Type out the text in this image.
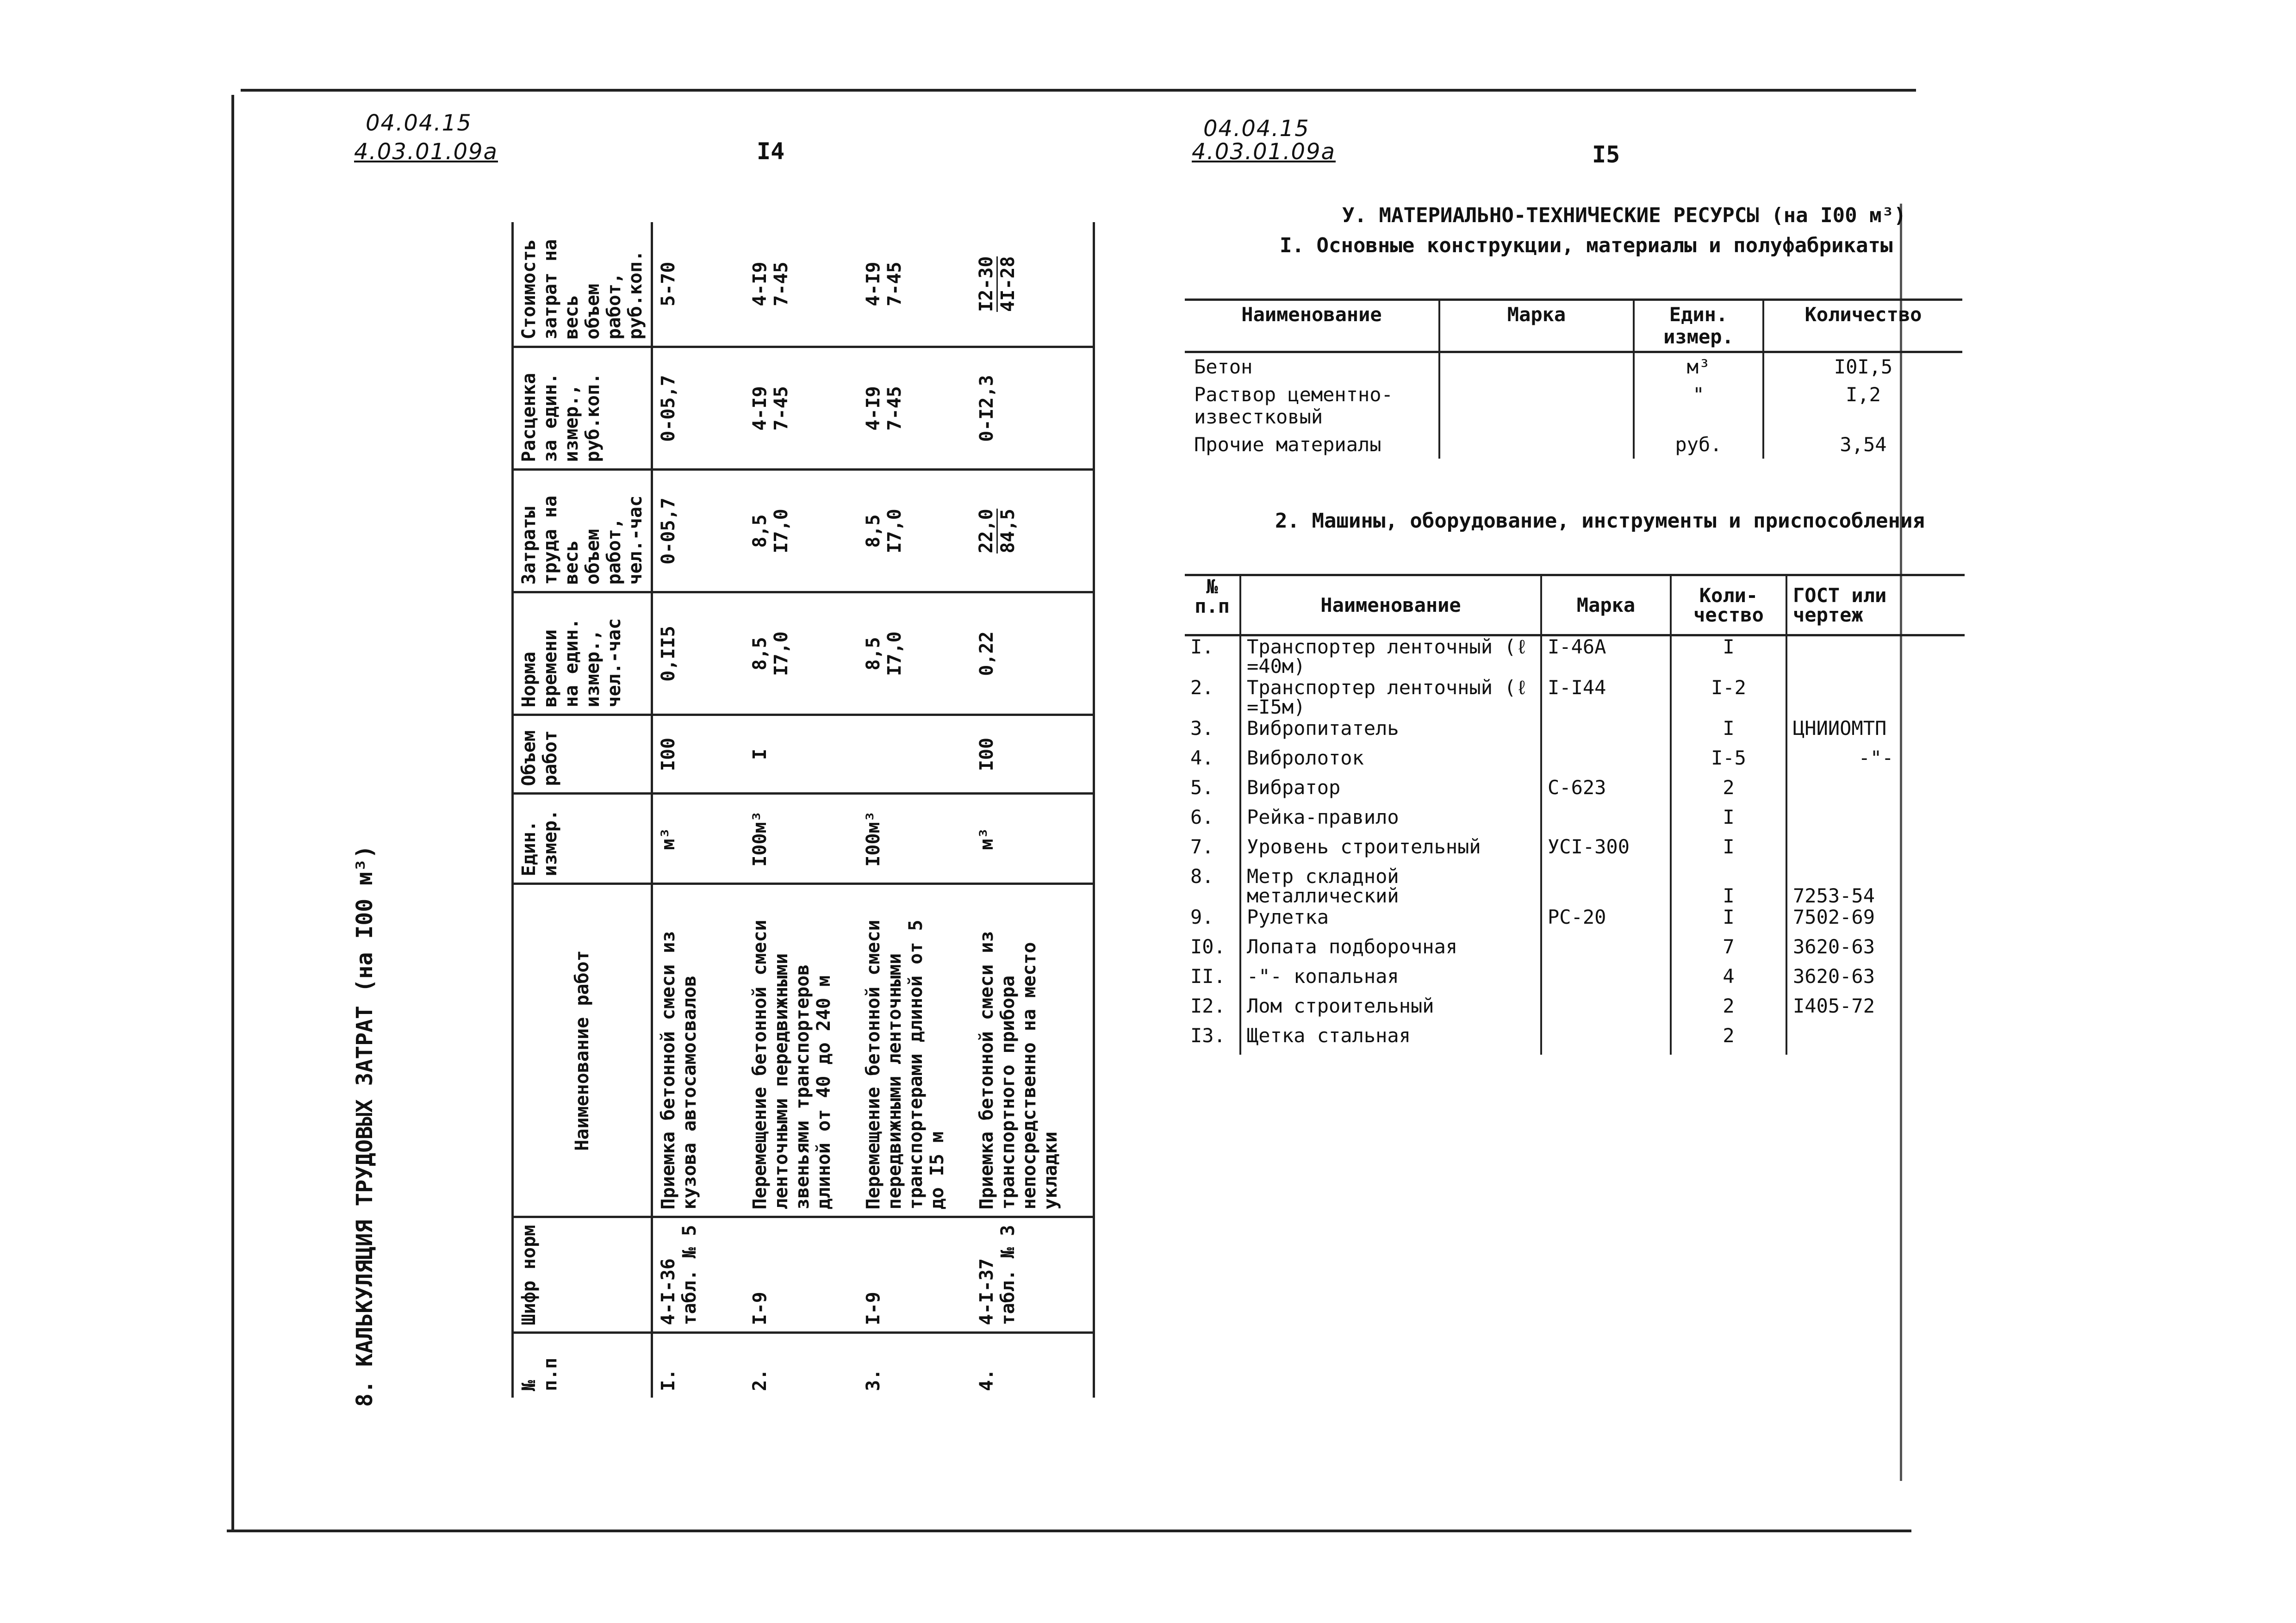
04.04.15
4.03.01.09a	I4
8. КАЛЬКУЛЯЦИЯ ТРУДОВЫХ ЗАТРАТ (на I00 м³)	№ п.п	Шифр норм	Наименование работ	Един. измер.	Объем работ	Норма времени на един. измер., чел.-час	Затраты труда на весь объем работ, чел.-час	Расценка за един. измер., руб.коп.	Стоимость затрат на весь объем работ, руб.коп.
I.	4-I-36 табл. № 5	Приемка бетонной смеси из кузова автосамосвалов	м³	I00	0,II5	0-05,7	0-05,7	5-70
2.	I-9	Перемещение бетонной смеси ленточными передвижными звеньями транспортеров длиной от 40 до 240 м	I00м³	I	8,5 I7,0	8,5 I7,0	4-I9 7-45	4-I9 7-45

3.	I-9	Перемещение бетонной смеси передвижными ленточными транспортерами длиной от 5 до I5 м	I00м³		8,5 I7,0	8,5 I7,0	4-I9 7-45	4-I9 7-45

4.	4-I-37 табл. № 3	Приемка бетонной смеси из транспортного прибора непосредственно на место укладки	м³	I00	0,22	22,0 84,5	0-I2,3	I2-30 4I-28
04.04.15
4.03.01.09a	I5
У. МАТЕРИАЛЬНО-ТЕХНИЧЕСКИЕ РЕСУРСЫ (на I00 м³)
I. Основные конструкции, материалы и полуфабрикаты
Наименование	Марка	Един. измер.	Количество
Бетон		м³	I0I,5
Раствор цементно-известковый		"	I,2
Прочие материалы		руб.	3,54
2. Машины, оборудование, инструменты и приспособления
№ п.п	Наименование	Марка	Коли-чество	ГОСТ или чертеж
I.	Транспортер ленточный (ℓ =40м)	I-46A	I	
2.	Транспортер ленточный (ℓ =I5м)	I-I44	I-2	
3.	Вибропитатель		I	ЦНИИОМТП
4.	Вибролоток		I-5	-"-
5.	Вибратор	С-623	2	
6.	Рейка-правило		I	
7.	Уровень строительный	УСI-300	I	
8.	Метр складной металлический		I	7253-54
9.	Рулетка	РС-20	I	7502-69
I0.	Лопата подборочная		7	3620-63
II.	-"- копальная		4	3620-63
I2.	Лом строительный		2	I405-72
I3.	Щетка стальная		2	
